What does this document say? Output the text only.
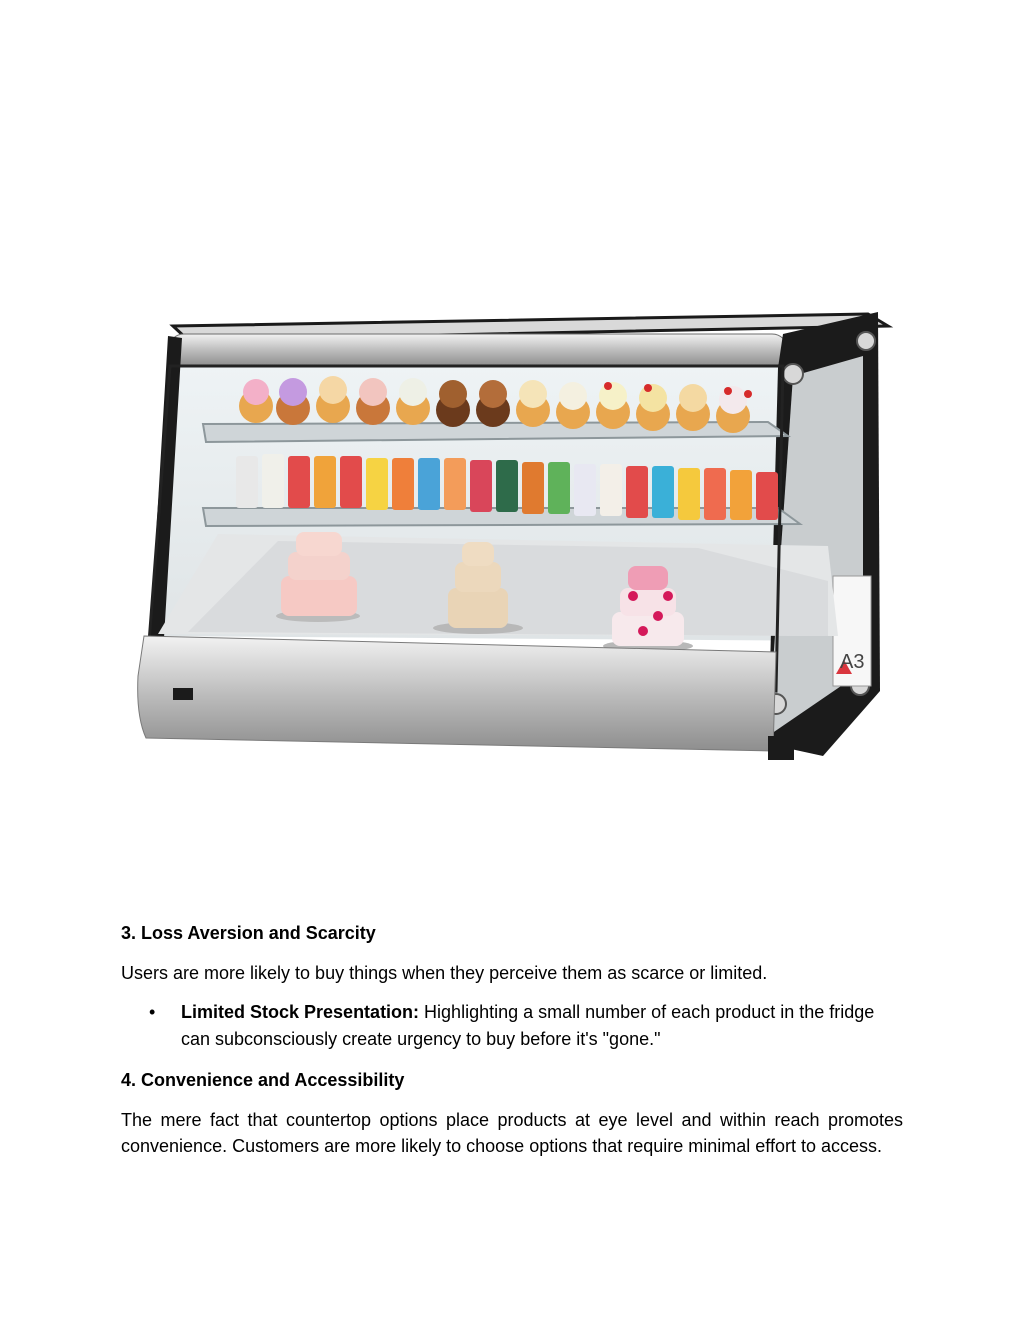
A3
3. Loss Aversion and Scarcity

Users are more likely to buy things when they perceive them as scarce or limited.

• Limited Stock Presentation: Highlighting a small number of each product in the fridge can subconsciously create urgency to buy before it's "gone."
4. Convenience and Accessibility

The mere fact that countertop options place products at eye level and within reach promotes convenience. Customers are more likely to choose options that require minimal effort to access.
